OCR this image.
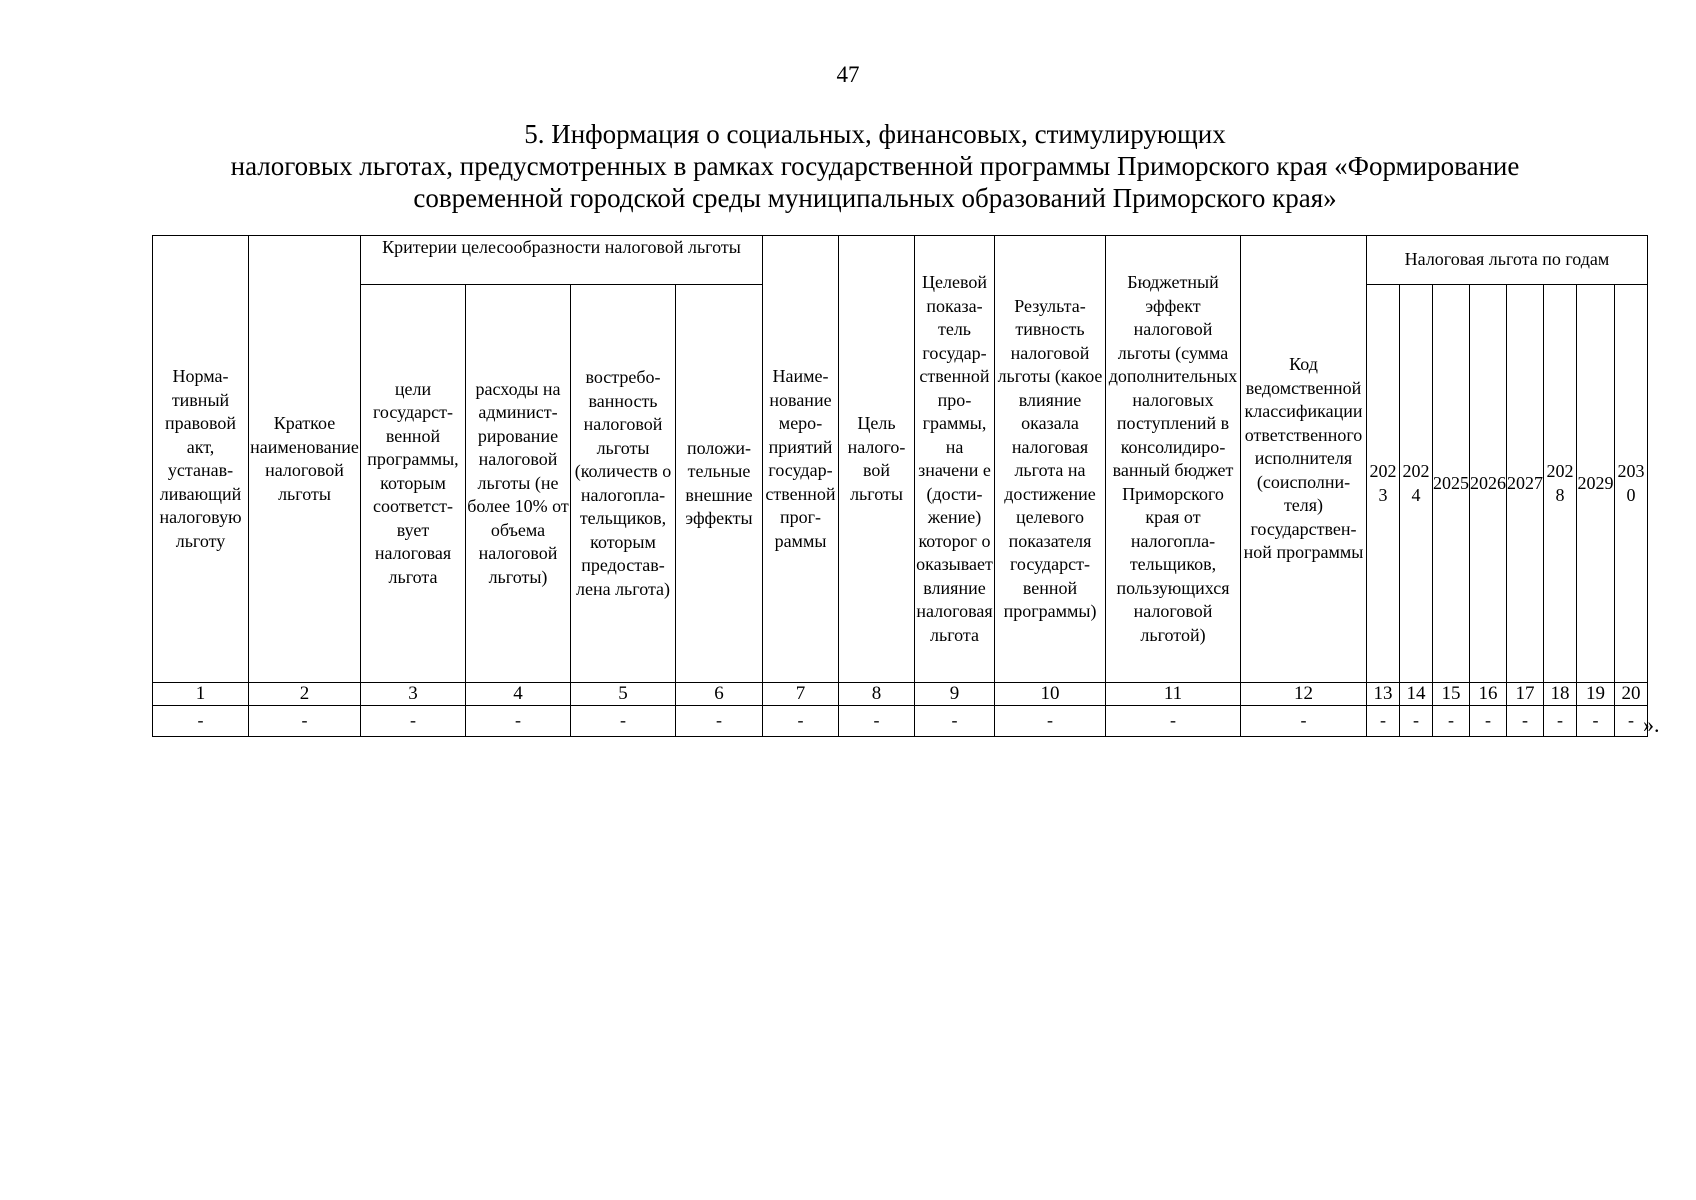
47
5. Информация о социальных, финансовых, стимулирующих
налоговых льготах, предусмотренных в рамках государственной программы Приморского края «Формирование
современной городской среды муниципальных образований Приморского края»
Нормативный правовой акт, устанавливающий налоговую льготу	Краткое наименование налоговой льготы	Критерии целесообразности налоговой льготы				Наименование мероприятий государственной программы	Цель налоговой льготы	Целевой показатель государственной программы, на значени е (достижение) которог о оказывает влияние налоговая льгота	Результативность налоговой льготы (какое влияние оказала налоговая льгота на достижение целевого показателя государственной программы)	Бюджетный эффект налоговой льготы (сумма дополнительных налоговых поступлений в консолидированный бюджет Приморского края от налогоплательщиков, пользующихся налоговой льготой)	Код ведомственной классификации ответственного исполнителя (соисполнителя) государственной программы	Налоговая льгота по годам							
		цели государственной программы, которым соответствует налоговая льгота	расходы на администрирование налоговой льготы (не более 10% от объема налоговой льготы)	востребованность налоговой льготы (количеств о налогоплательщиков, которым предоставлена льгота)	положительные внешние эффекты							202 3	202 4	2025	2026	2027	202 8	2029	203 0
1	2	3	4	5	6	7	8	9	10	11	12	13	14	15	16	17	18	19	20
-	-	-	-	-	-	-	-	-	-	-	-	-	-	-	-	-	-	-	- ».
